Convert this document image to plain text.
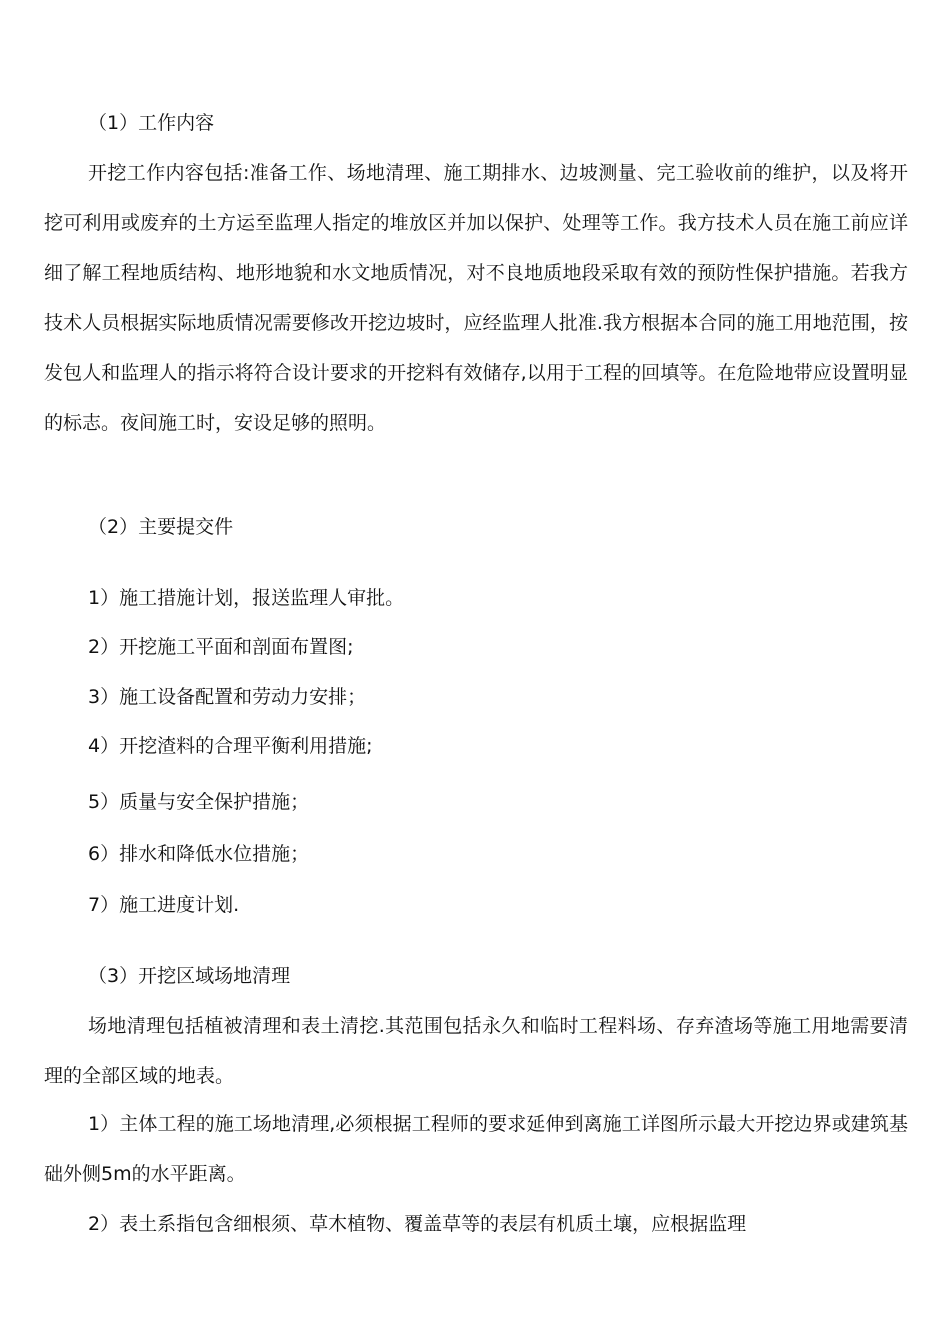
（1）工作内容

开挖工作内容包括:准备工作、场地清理、施工期排水、边坡测量、完工验收前的维护，以及将开挖可利用或废弃的土方运至监理人指定的堆放区并加以保护、处理等工作。我方技术人员在施工前应详细了解工程地质结构、地形地貌和水文地质情况，对不良地质地段采取有效的预防性保护措施。若我方技术人员根据实际地质情况需要修改开挖边坡时，应经监理人批准.我方根据本合同的施工用地范围，按发包人和监理人的指示将符合设计要求的开挖料有效储存,以用于工程的回填等。在危险地带应设置明显的标志。夜间施工时，安设足够的照明。

（2）主要提交件
1）施工措施计划，报送监理人审批。
2）开挖施工平面和剖面布置图;
3）施工设备配置和劳动力安排；
4）开挖渣料的合理平衡利用措施;
5）质量与安全保护措施；
6）排水和降低水位措施；
7）施工进度计划.
（3）开挖区域场地清理

场地清理包括植被清理和表土清挖.其范围包括永久和临时工程料场、存弃渣场等施工用地需要清理的全部区域的地表。

1）主体工程的施工场地清理,必须根据工程师的要求延伸到离施工详图所示最大开挖边界或建筑基础外侧5m的水平距离。

2）表土系指包含细根须、草木植物、覆盖草等的表层有机质土壤，应根据监理
